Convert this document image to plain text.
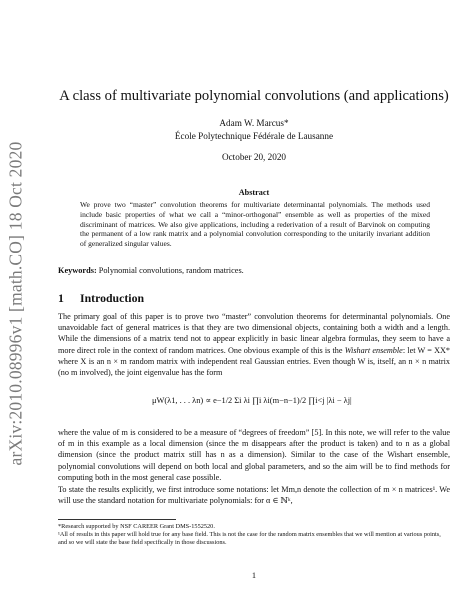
arXiv:2010.08996v1 [math.CO] 18 Oct 2020
A class of multivariate polynomial convolutions (and applications)
Adam W. Marcus*
École Polytechnique Fédérale de Lausanne
October 20, 2020
Abstract
We prove two “master” convolution theorems for multivariate determinantal polynomials. The methods used include basic properties of what we call a “minor-orthogonal” ensemble as well as properties of the mixed discriminant of matrices. We also give applications, including a rederivation of a result of Barvinok on computing the permanent of a low rank matrix and a polynomial convolution corresponding to the unitarily invariant addition of generalized singular values.
Keywords: Polynomial convolutions, random matrices.
1 Introduction
The primary goal of this paper is to prove two “master” convolution theorems for determinantal polynomials. One unavoidable fact of general matrices is that they are two dimensional objects, containing both a width and a length. While the dimensions of a matrix tend not to appear explicitly in basic linear algebra formulas, they seem to have a more direct role in the context of random matrices. One obvious example of this is the Wishart ensemble: let W = XX* where X is an n × m random matrix with independent real Gaussian entries. Even though W is, itself, an n × n matrix (no m involved), the joint eigenvalue has the form
μW(λ1, . . . λn) ∝ e−1/2 Σi λi ∏i λi(m−n−1)/2 ∏i<j |λi − λj|
where the value of m is considered to be a measure of “degrees of freedom” [5]. In this note, we will refer to the value of m in this example as a local dimension (since the m disappears after the product is taken) and to n as a global dimension (since the product matrix still has n as a dimension). Similar to the case of the Wishart ensemble, polynomial convolutions will depend on both local and global parameters, and so the aim will be to find methods for computing both in the most general case possible.
To state the results explicitly, we first introduce some notations: let Mm,n denote the collection of m × n matrices¹. We will use the standard notation for multivariate polynomials: for α ∈ ℕᵏ,
*Research supported by NSF CAREER Grant DMS-1552520.
¹All of results in this paper will hold true for any base field. This is not the case for the random matrix ensembles that we will mention at various points, and so we will state the base field specifically in those discussions.
1
